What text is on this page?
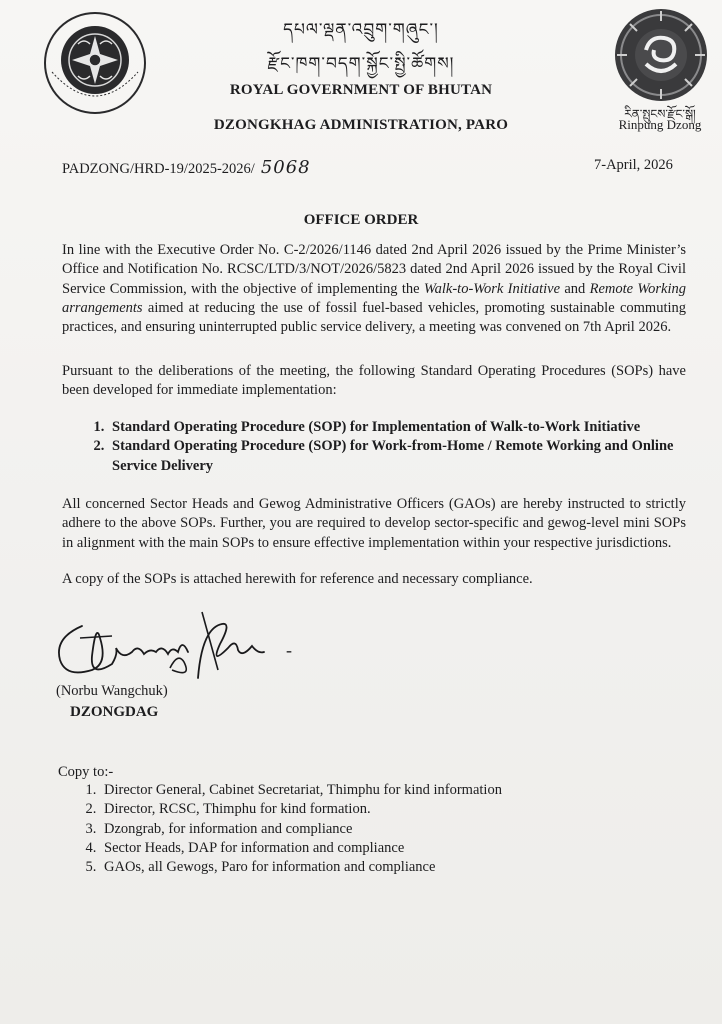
དཔལ་ལྡན་འབྲུག་གཞུང་།
རྫོང་ཁག་བདག་སྐྱོང་སྤྱི་ཚོགས།
ROYAL GOVERNMENT OF BHUTAN
DZONGKHAG ADMINISTRATION, PARO
རིན་སྤུངས་རྫོང་སྒོ།
Rinpung Dzong
PADZONG/HRD-19/2025-2026/ 5068	7-April, 2026
OFFICE ORDER
In line with the Executive Order No. C-2/2026/1146 dated 2nd April 2026 issued by the Prime Minister’s Office and Notification No. RCSC/LTD/3/NOT/2026/5823 dated 2nd April 2026 issued by the Royal Civil Service Commission, with the objective of implementing the Walk-to-Work Initiative and Remote Working arrangements aimed at reducing the use of fossil fuel-based vehicles, promoting sustainable commuting practices, and ensuring uninterrupted public service delivery, a meeting was convened on 7th April 2026.
Pursuant to the deliberations of the meeting, the following Standard Operating Procedures (SOPs) have been developed for immediate implementation:
1. Standard Operating Procedure (SOP) for Implementation of Walk-to-Work Initiative
2. Standard Operating Procedure (SOP) for Work-from-Home / Remote Working and Online Service Delivery
All concerned Sector Heads and Gewog Administrative Officers (GAOs) are hereby instructed to strictly adhere to the above SOPs. Further, you are required to develop sector-specific and gewog-level mini SOPs in alignment with the main SOPs to ensure effective implementation within your respective jurisdictions.
A copy of the SOPs is attached herewith for reference and necessary compliance.
-
(Norbu Wangchuk)
DZONGDAG
Copy to:-
1. Director General, Cabinet Secretariat, Thimphu for kind information
2. Director, RCSC, Thimphu for kind formation.
3. Dzongrab, for information and compliance
4. Sector Heads, DAP for information and compliance
5. GAOs, all Gewogs, Paro for information and compliance
